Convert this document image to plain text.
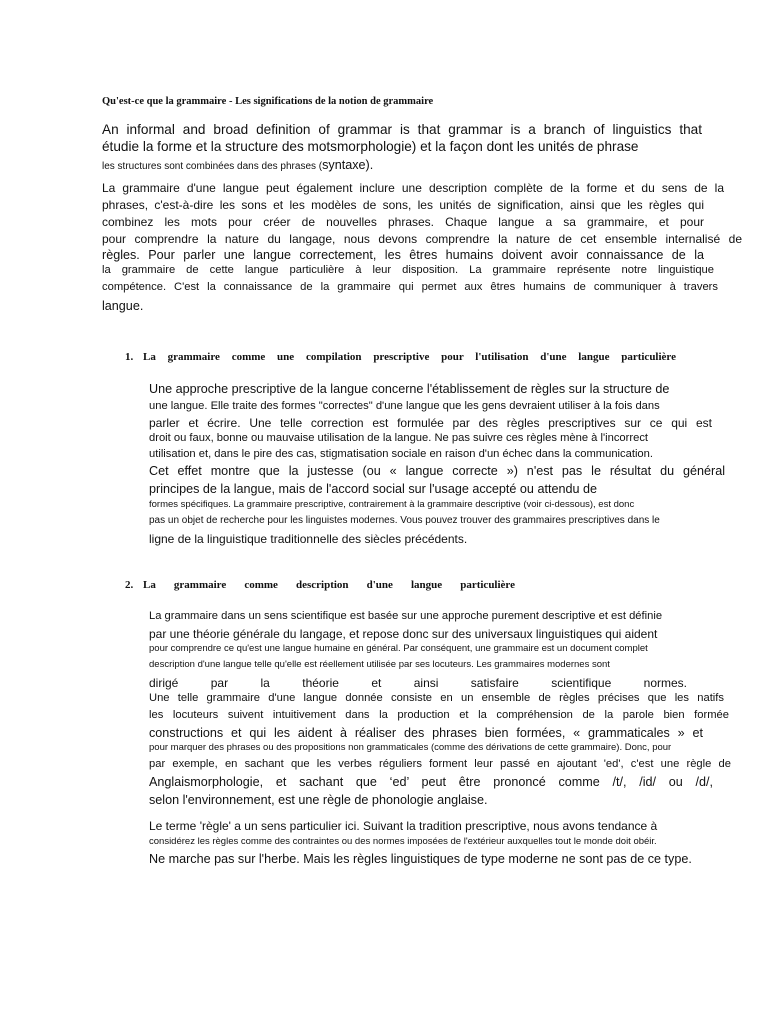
Qu'est-ce que la grammaire - Les significations de la notion de grammaire
An informal and broad definition of grammar is that grammar is a branch of linguistics that
étudie la forme et la structure des motsmorphologie) et la façon dont les unités de phrase
les structures sont combinées dans des phrases (syntaxe).
La grammaire d'une langue peut également inclure une description complète de la forme et du sens de la
phrases, c'est-à-dire les sons et les modèles de sons, les unités de signification, ainsi que les règles qui
combinez les mots pour créer de nouvelles phrases. Chaque langue a sa grammaire, et pour
pour comprendre la nature du langage, nous devons comprendre la nature de cet ensemble internalisé de
règles. Pour parler une langue correctement, les êtres humains doivent avoir connaissance de la
la grammaire de cette langue particulière à leur disposition. La grammaire représente notre linguistique
compétence. C'est la connaissance de la grammaire qui permet aux êtres humains de communiquer à travers
langue.
1. La grammaire comme une compilation prescriptive pour l'utilisation d'une langue particulière
Une approche prescriptive de la langue concerne l'établissement de règles sur la structure de
une langue. Elle traite des formes "correctes" d'une langue que les gens devraient utiliser à la fois dans
parler et écrire. Une telle correction est formulée par des règles prescriptives sur ce qui est
droit ou faux, bonne ou mauvaise utilisation de la langue. Ne pas suivre ces règles mène à l'incorrect
utilisation et, dans le pire des cas, stigmatisation sociale en raison d'un échec dans la communication.
Cet effet montre que la justesse (ou « langue correcte ») n'est pas le résultat du général
principes de la langue, mais de l'accord social sur l'usage accepté ou attendu de
formes spécifiques. La grammaire prescriptive, contrairement à la grammaire descriptive (voir ci-dessous), est donc
pas un objet de recherche pour les linguistes modernes. Vous pouvez trouver des grammaires prescriptives dans le
ligne de la linguistique traditionnelle des siècles précédents.
2. La grammaire comme description d'une langue particulière
La grammaire dans un sens scientifique est basée sur une approche purement descriptive et est définie
par une théorie générale du langage, et repose donc sur des universaux linguistiques qui aident
pour comprendre ce qu'est une langue humaine en général. Par conséquent, une grammaire est un document complet
description d'une langue telle qu'elle est réellement utilisée par ses locuteurs. Les grammaires modernes sont
dirigé par la théorie et ainsi satisfaire scientifique normes.
Une telle grammaire d'une langue donnée consiste en un ensemble de règles précises que les natifs
les locuteurs suivent intuitivement dans la production et la compréhension de la parole bien formée
constructions et qui les aident à réaliser des phrases bien formées, « grammaticales » et
pour marquer des phrases ou des propositions non grammaticales (comme des dérivations de cette grammaire). Donc, pour
par exemple, en sachant que les verbes réguliers forment leur passé en ajoutant 'ed', c'est une règle de
Anglaismorphologie, et sachant que ‘ed’ peut être prononcé comme /t/, /id/ ou /d/,
selon l'environnement, est une règle de phonologie anglaise.
Le terme 'règle' a un sens particulier ici. Suivant la tradition prescriptive, nous avons tendance à
considérez les règles comme des contraintes ou des normes imposées de l'extérieur auxquelles tout le monde doit obéir.
Ne marche pas sur l'herbe. Mais les règles linguistiques de type moderne ne sont pas de ce type.
